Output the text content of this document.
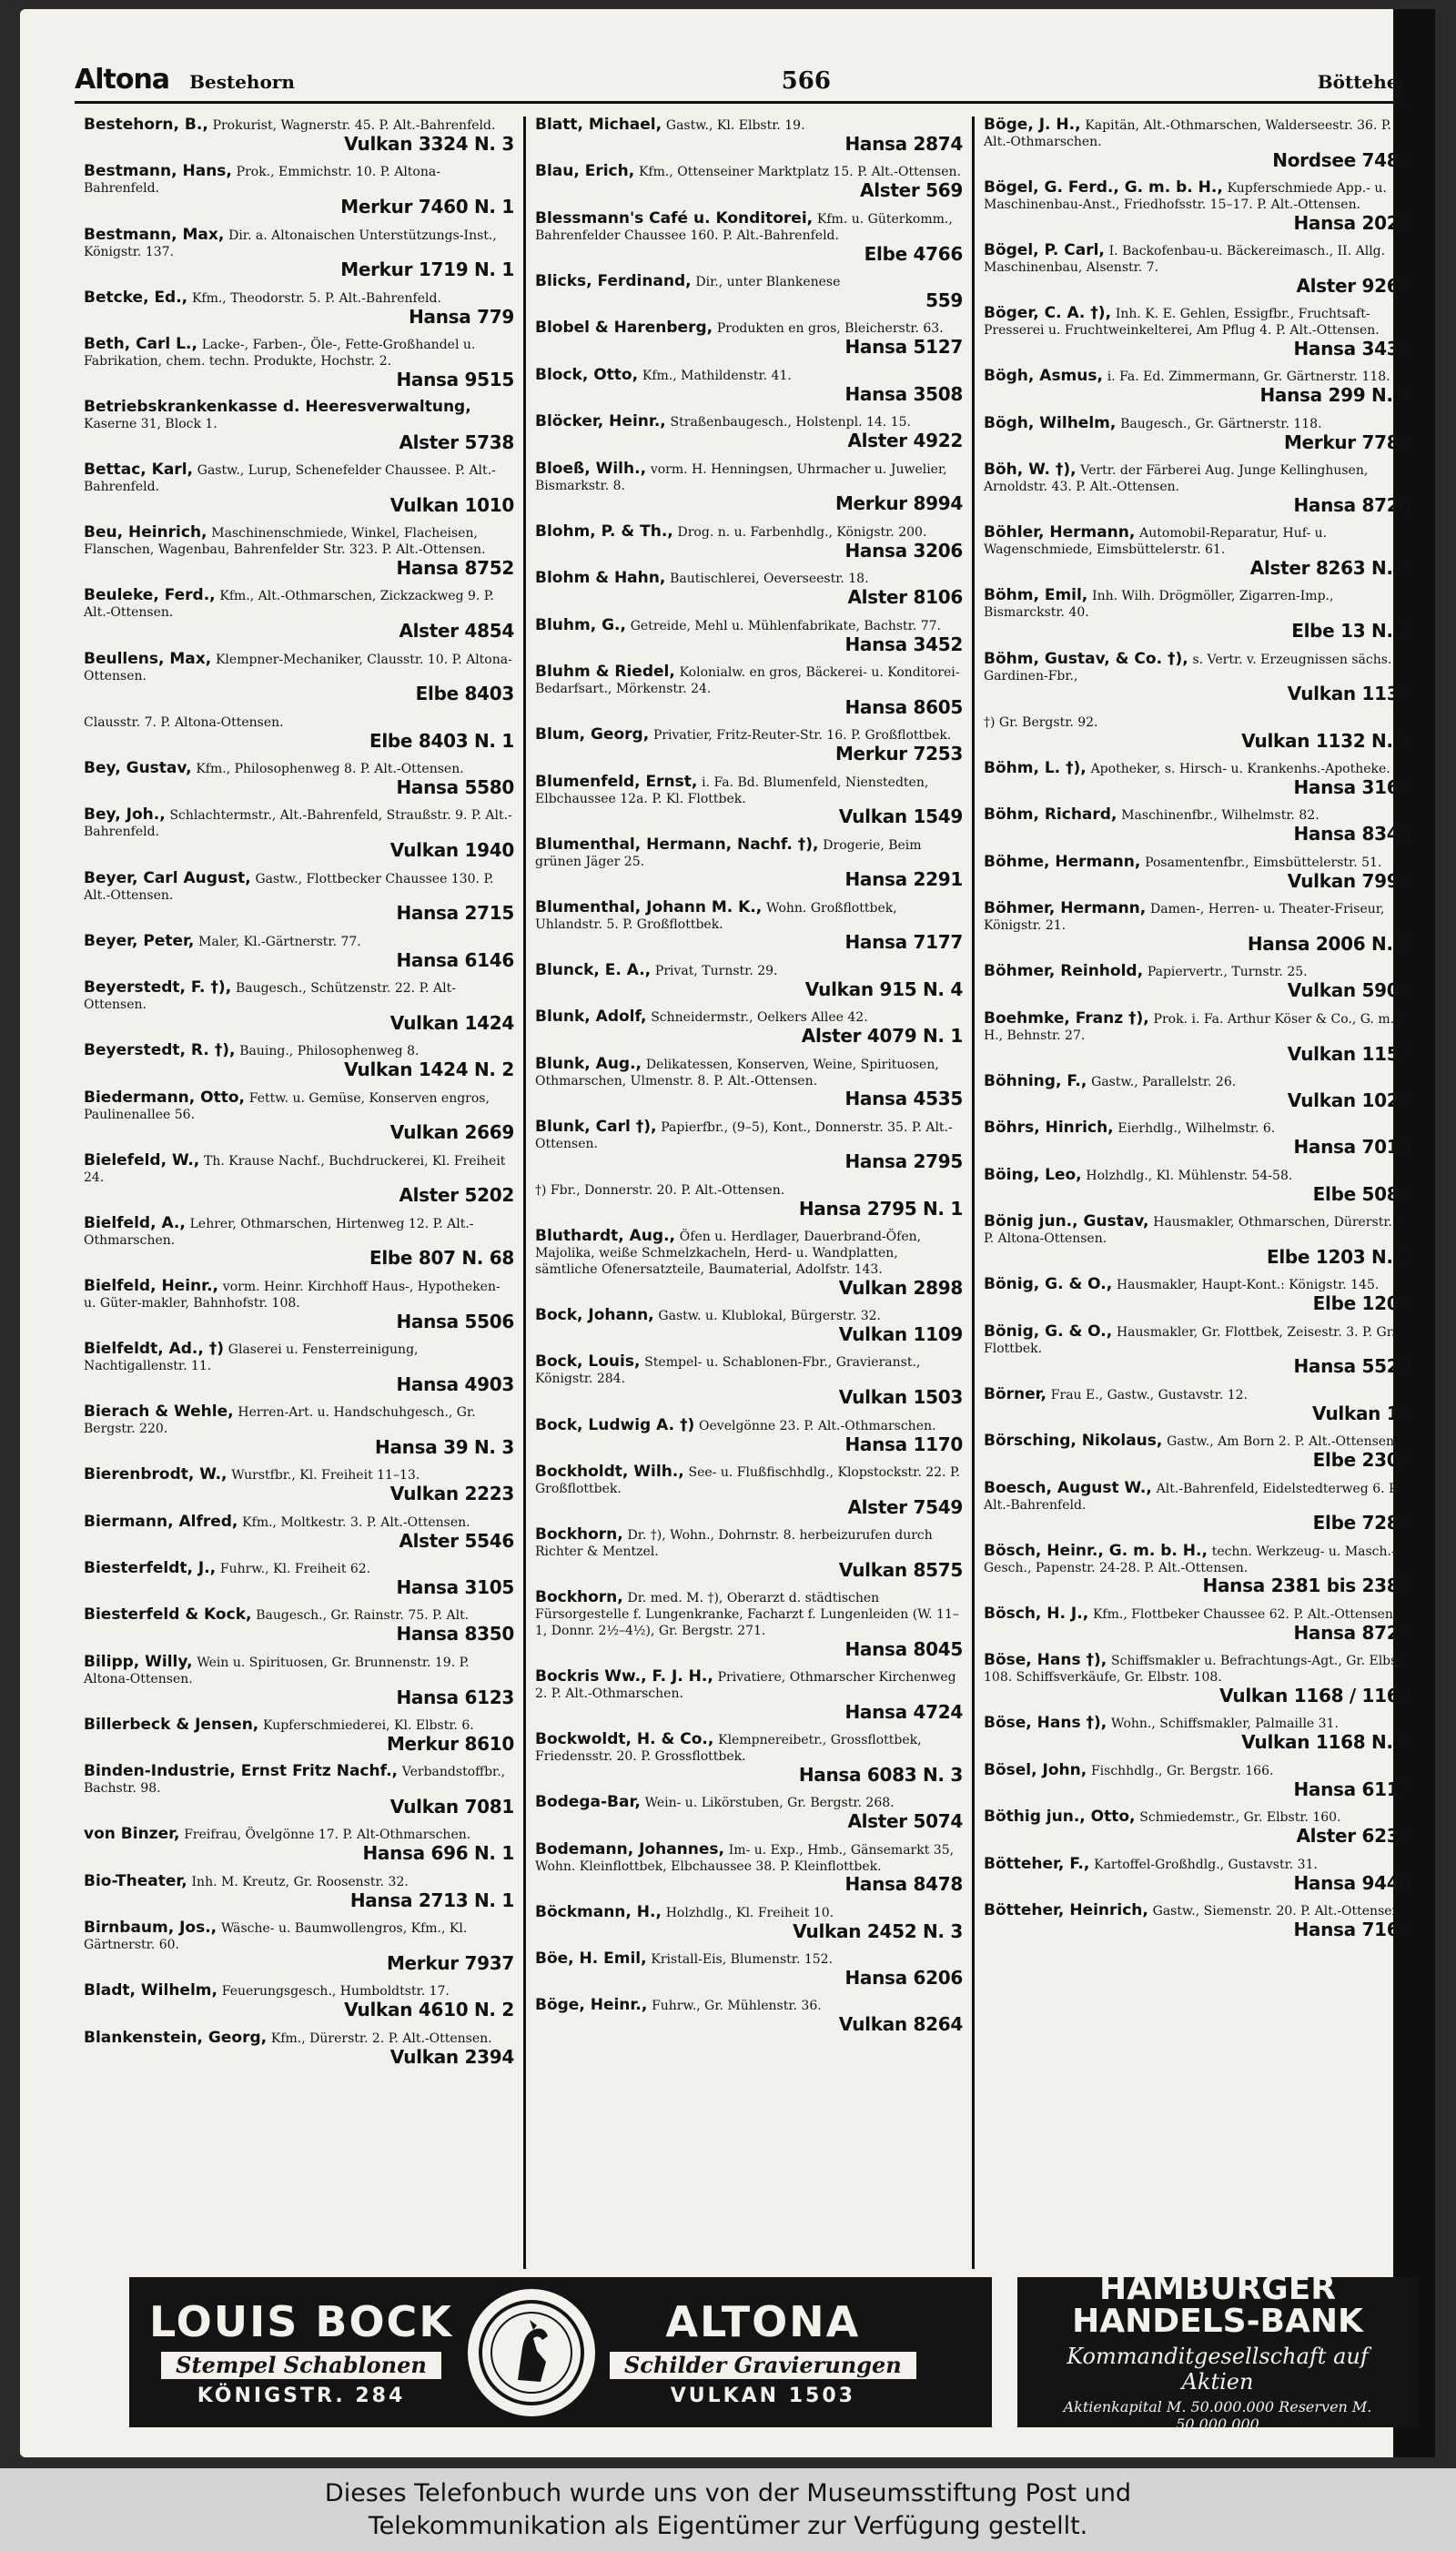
Altona Bestehorn	566	Bötteher
Bestehorn, B., Prokurist, Wagnerstr. 45. P. Alt.-Bahrenfeld.
Vulkan 3324 N. 3
Bestmann, Hans, Prok., Emmichstr. 10. P. Altona-Bahrenfeld.
Merkur 7460 N. 1
Bestmann, Max, Dir. a. Altonaischen Unterstützungs-Inst., Königstr. 137.
Merkur 1719 N. 1
Betcke, Ed., Kfm., Theodorstr. 5. P. Alt.-Bahrenfeld.
Hansa 779
Beth, Carl L., Lacke-, Farben-, Öle-, Fette-Großhandel u. Fabrikation, chem. techn. Produkte, Hochstr. 2.
Hansa 9515
Betriebskrankenkasse d. Heeresverwaltung, Kaserne 31, Block 1.
Alster 5738
Bettac, Karl, Gastw., Lurup, Schenefelder Chaussee. P. Alt.-Bahrenfeld.
Vulkan 1010
Beu, Heinrich, Maschinenschmiede, Winkel, Flacheisen, Flanschen, Wagenbau, Bahrenfelder Str. 323. P. Alt.-Ottensen.
Hansa 8752
Beuleke, Ferd., Kfm., Alt.-Othmarschen, Zickzackweg 9. P. Alt.-Ottensen.
Alster 4854
Beullens, Max, Klempner-Mechaniker, Clausstr. 10. P. Altona-Ottensen.
Elbe 8403
Clausstr. 7. P. Altona-Ottensen.
Elbe 8403 N. 1
Bey, Gustav, Kfm., Philosophenweg 8. P. Alt.-Ottensen.
Hansa 5580
Bey, Joh., Schlachtermstr., Alt.-Bahrenfeld, Straußstr. 9. P. Alt.-Bahrenfeld.
Vulkan 1940
Beyer, Carl August, Gastw., Flottbecker Chaussee 130. P. Alt.-Ottensen.
Hansa 2715
Beyer, Peter, Maler, Kl.-Gärtnerstr. 77.
Hansa 6146
Beyerstedt, F. †), Baugesch., Schützenstr. 22. P. Alt-Ottensen.
Vulkan 1424
Beyerstedt, R. †), Bauing., Philosophenweg 8.
Vulkan 1424 N. 2
Biedermann, Otto, Fettw. u. Gemüse, Konserven engros, Paulinenallee 56.
Vulkan 2669
Bielefeld, W., Th. Krause Nachf., Buchdruckerei, Kl. Freiheit 24.
Alster 5202
Bielfeld, A., Lehrer, Othmarschen, Hirtenweg 12. P. Alt.-Othmarschen.
Elbe 807 N. 68
Bielfeld, Heinr., vorm. Heinr. Kirchhoff Haus-, Hypotheken- u. Güter-makler, Bahnhofstr. 108.
Hansa 5506
Bielfeldt, Ad., †) Glaserei u. Fensterreinigung, Nachtigallenstr. 11.
Hansa 4903
Bierach & Wehle, Herren-Art. u. Handschuhgesch., Gr. Bergstr. 220.
Hansa 39 N. 3
Bierenbrodt, W., Wurstfbr., Kl. Freiheit 11–13.
Vulkan 2223
Biermann, Alfred, Kfm., Moltkestr. 3. P. Alt.-Ottensen.
Alster 5546
Biesterfeldt, J., Fuhrw., Kl. Freiheit 62.
Hansa 3105
Biesterfeld & Kock, Baugesch., Gr. Rainstr. 75. P. Alt.
Hansa 8350
Bilipp, Willy, Wein u. Spirituosen, Gr. Brunnenstr. 19. P. Altona-Ottensen.
Hansa 6123
Billerbeck & Jensen, Kupferschmiederei, Kl. Elbstr. 6.
Merkur 8610
Binden-Industrie, Ernst Fritz Nachf., Verbandstoffbr., Bachstr. 98.
Vulkan 7081
von Binzer, Freifrau, Övelgönne 17. P. Alt-Othmarschen.
Hansa 696 N. 1
Bio-Theater, Inh. M. Kreutz, Gr. Roosenstr. 32.
Hansa 2713 N. 1
Birnbaum, Jos., Wäsche- u. Baumwollengros, Kfm., Kl. Gärtnerstr. 60.
Merkur 7937
Bladt, Wilhelm, Feuerungsgesch., Humboldtstr. 17.
Vulkan 4610 N. 2
Blankenstein, Georg, Kfm., Dürerstr. 2. P. Alt.-Ottensen.
Vulkan 2394
Blatt, Michael, Gastw., Kl. Elbstr. 19.
Hansa 2874
Blau, Erich, Kfm., Ottenseiner Marktplatz 15. P. Alt.-Ottensen.
Alster 569
Blessmann's Café u. Konditorei, Kfm. u. Güterkomm., Bahrenfelder Chaussee 160. P. Alt.-Bahrenfeld.
Elbe 4766
Blicks, Ferdinand, Dir., unter Blankenese
559
Blobel & Harenberg, Produkten en gros, Bleicherstr. 63.
Hansa 5127
Block, Otto, Kfm., Mathildenstr. 41.
Hansa 3508
Blöcker, Heinr., Straßenbaugesch., Holstenpl. 14. 15.
Alster 4922
Bloeß, Wilh., vorm. H. Henningsen, Uhrmacher u. Juwelier, Bismarkstr. 8.
Merkur 8994
Blohm, P. & Th., Drog. n. u. Farbenhdlg., Königstr. 200.
Hansa 3206
Blohm & Hahn, Bautischlerei, Oeverseestr. 18.
Alster 8106
Bluhm, G., Getreide, Mehl u. Mühlenfabrikate, Bachstr. 77.
Hansa 3452
Bluhm & Riedel, Kolonialw. en gros, Bäckerei- u. Konditorei-Bedarfsart., Mörkenstr. 24.
Hansa 8605
Blum, Georg, Privatier, Fritz-Reuter-Str. 16. P. Großflottbek.
Merkur 7253
Blumenfeld, Ernst, i. Fa. Bd. Blumenfeld, Nienstedten, Elbchaussee 12a. P. Kl. Flottbek.
Vulkan 1549
Blumenthal, Hermann, Nachf. †), Drogerie, Beim grünen Jäger 25.
Hansa 2291
Blumenthal, Johann M. K., Wohn. Großflottbek, Uhlandstr. 5. P. Großflottbek.
Hansa 7177
Blunck, E. A., Privat, Turnstr. 29.
Vulkan 915 N. 4
Blunk, Adolf, Schneidermstr., Oelkers Allee 42.
Alster 4079 N. 1
Blunk, Aug., Delikatessen, Konserven, Weine, Spirituosen, Othmarschen, Ulmenstr. 8. P. Alt.-Ottensen.
Hansa 4535
Blunk, Carl †), Papierfbr., (9–5), Kont., Donnerstr. 35. P. Alt.-Ottensen.
Hansa 2795
†) Fbr., Donnerstr. 20. P. Alt.-Ottensen.
Hansa 2795 N. 1
Bluthardt, Aug., Öfen u. Herdlager, Dauerbrand-Öfen, Majolika, weiße Schmelzkacheln, Herd- u. Wandplatten, sämtliche Ofenersatzteile, Baumaterial, Adolfstr. 143.
Vulkan 2898
Bock, Johann, Gastw. u. Klublokal, Bürgerstr. 32.
Vulkan 1109
Bock, Louis, Stempel- u. Schablonen-Fbr., Gravieranst., Königstr. 284.
Vulkan 1503
Bock, Ludwig A. †) Oevelgönne 23. P. Alt.-Othmarschen.
Hansa 1170
Bockholdt, Wilh., See- u. Flußfischhdlg., Klopstockstr. 22. P. Großflottbek.
Alster 7549
Bockhorn, Dr. †), Wohn., Dohrnstr. 8. herbeizurufen durch Richter & Mentzel.
Vulkan 8575
Bockhorn, Dr. med. M. †), Oberarzt d. städtischen Fürsorgestelle f. Lungenkranke, Facharzt f. Lungenleiden (W. 11–1, Donnr. 2½–4½), Gr. Bergstr. 271.
Hansa 8045
Bockris Ww., F. J. H., Privatiere, Othmarscher Kirchenweg 2. P. Alt.-Othmarschen.
Hansa 4724
Bockwoldt, H. & Co., Klempnereibetr., Grossflottbek, Friedensstr. 20. P. Grossflottbek.
Hansa 6083 N. 3
Bodega-Bar, Wein- u. Likörstuben, Gr. Bergstr. 268.
Alster 5074
Bodemann, Johannes, Im- u. Exp., Hmb., Gänsemarkt 35, Wohn. Kleinflottbek, Elbchaussee 38. P. Kleinflottbek.
Hansa 8478
Böckmann, H., Holzhdlg., Kl. Freiheit 10.
Vulkan 2452 N. 3
Böe, H. Emil, Kristall-Eis, Blumenstr. 152.
Hansa 6206
Böge, Heinr., Fuhrw., Gr. Mühlenstr. 36.
Vulkan 8264
Böge, J. H., Kapitän, Alt.-Othmarschen, Walderseestr. 36. P. Alt.-Othmarschen.
Nordsee 7482
Bögel, G. Ferd., G. m. b. H., Kupferschmiede App.- u. Maschinenbau-Anst., Friedhofsstr. 15–17. P. Alt.-Ottensen.
Hansa 2023
Bögel, P. Carl, I. Backofenbau-u. Bäckereimasch., II. Allg. Maschinenbau, Alsenstr. 7.
Alster 9263
Böger, C. A. †), Inh. K. E. Gehlen, Essigfbr., Fruchtsaft-Presserei u. Fruchtweinkelterei, Am Pflug 4. P. Alt.-Ottensen.
Hansa 3431
Bögh, Asmus, i. Fa. Ed. Zimmermann, Gr. Gärtnerstr. 118.
Hansa 299 N. 1
Bögh, Wilhelm, Baugesch., Gr. Gärtnerstr. 118.
Merkur 7789
Böh, W. †), Vertr. der Färberei Aug. Junge Kellinghusen, Arnoldstr. 43. P. Alt.-Ottensen.
Hansa 8720
Böhler, Hermann, Automobil-Reparatur, Huf- u. Wagenschmiede, Eimsbüttelerstr. 61.
Alster 8263 N. 1
Böhm, Emil, Inh. Wilh. Drögmöller, Zigarren-Imp., Bismarckstr. 40.
Elbe 13 N. 1
Böhm, Gustav, & Co. †), s. Vertr. v. Erzeugnissen sächs. Gardinen-Fbr.,
Vulkan 1132
†) Gr. Bergstr. 92.
Vulkan 1132 N. 1
Böhm, L. †), Apotheker, s. Hirsch- u. Krankenhs.-Apotheke.
Hansa 3162
Böhm, Richard, Maschinenfbr., Wilhelmstr. 82.
Hansa 8349
Böhme, Hermann, Posamentenfbr., Eimsbüttelerstr. 51.
Vulkan 7999
Böhmer, Hermann, Damen-, Herren- u. Theater-Friseur, Königstr. 21.
Hansa 2006 N. 3
Böhmer, Reinhold, Papiervertr., Turnstr. 25.
Vulkan 5904
Boehmke, Franz †), Prok. i. Fa. Arthur Köser & Co., G. m. b. H., Behnstr. 27.
Vulkan 1157
Böhning, F., Gastw., Parallelstr. 26.
Vulkan 1027
Böhrs, Hinrich, Eierhdlg., Wilhelmstr. 6.
Hansa 7019
Böing, Leo, Holzhdlg., Kl. Mühlenstr. 54-58.
Elbe 5084
Bönig jun., Gustav, Hausmakler, Othmarschen, Dürerstr. 6. P. Altona-Ottensen.
Elbe 1203 N. 2
Bönig, G. & O., Hausmakler, Haupt-Kont.: Königstr. 145.
Elbe 1203
Bönig, G. & O., Hausmakler, Gr. Flottbek, Zeisestr. 3. P. Gr. Flottbek.
Hansa 5529
Börner, Frau E., Gastw., Gustavstr. 12.
Vulkan 16
Börsching, Nikolaus, Gastw., Am Born 2. P. Alt.-Ottensen.
Elbe 2307
Boesch, August W., Alt.-Bahrenfeld, Eidelstedterweg 6. P. Alt.-Bahrenfeld.
Elbe 7287
Bösch, Heinr., G. m. b. H., techn. Werkzeug- u. Masch.-Gesch., Papenstr. 24-28. P. Alt.-Ottensen.
Hansa 2381 bis 2383
Bösch, H. J., Kfm., Flottbeker Chaussee 62. P. Alt.-Ottensen.
Hansa 8722
Böse, Hans †), Schiffsmakler u. Befrachtungs-Agt., Gr. Elbstr. 108. Schiffsverkäufe, Gr. Elbstr. 108.
Vulkan 1168 / 1169
Böse, Hans †), Wohn., Schiffsmakler, Palmaille 31.
Vulkan 1168 N. 2
Bösel, John, Fischhdlg., Gr. Bergstr. 166.
Hansa 6117
Böthig jun., Otto, Schmiedemstr., Gr. Elbstr. 160.
Alster 6239
Bötteher, F., Kartoffel-Großhdlg., Gustavstr. 31.
Hansa 9440
Bötteher, Heinrich, Gastw., Siemenstr. 20. P. Alt.-Ottensen.
Hansa 7166
LOUIS BOCK
Stempel Schablonen
KÖNIGSTR. 284
ALTONA
Schilder Gravierungen
VULKAN 1503
HAMBURGER HANDELS-BANK
Kommanditgesellschaft auf Aktien
Aktienkapital M. 50.000.000 Reserven M. 50.000.000
Dieses Telefonbuch wurde uns von der Museumsstiftung Post und
Telekommunikation als Eigentümer zur Verfügung gestellt.
